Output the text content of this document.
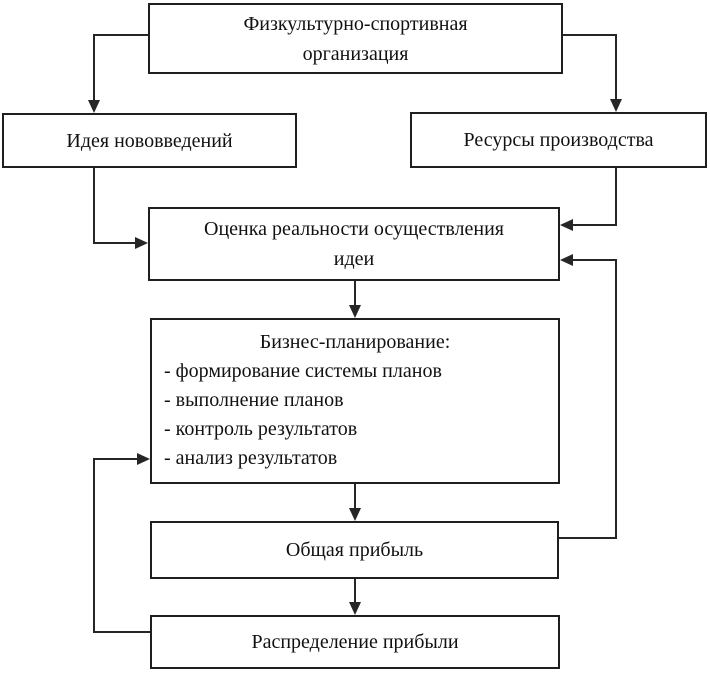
Физкультурно-спортивная
организация
Идея нововведений	Ресурсы производства
Оценка реальности осуществления
идеи
Бизнес-планирование:
- формирование системы планов
- выполнение планов
- контроль результатов
- анализ результатов
Общая прибыль
Распределение прибыли
